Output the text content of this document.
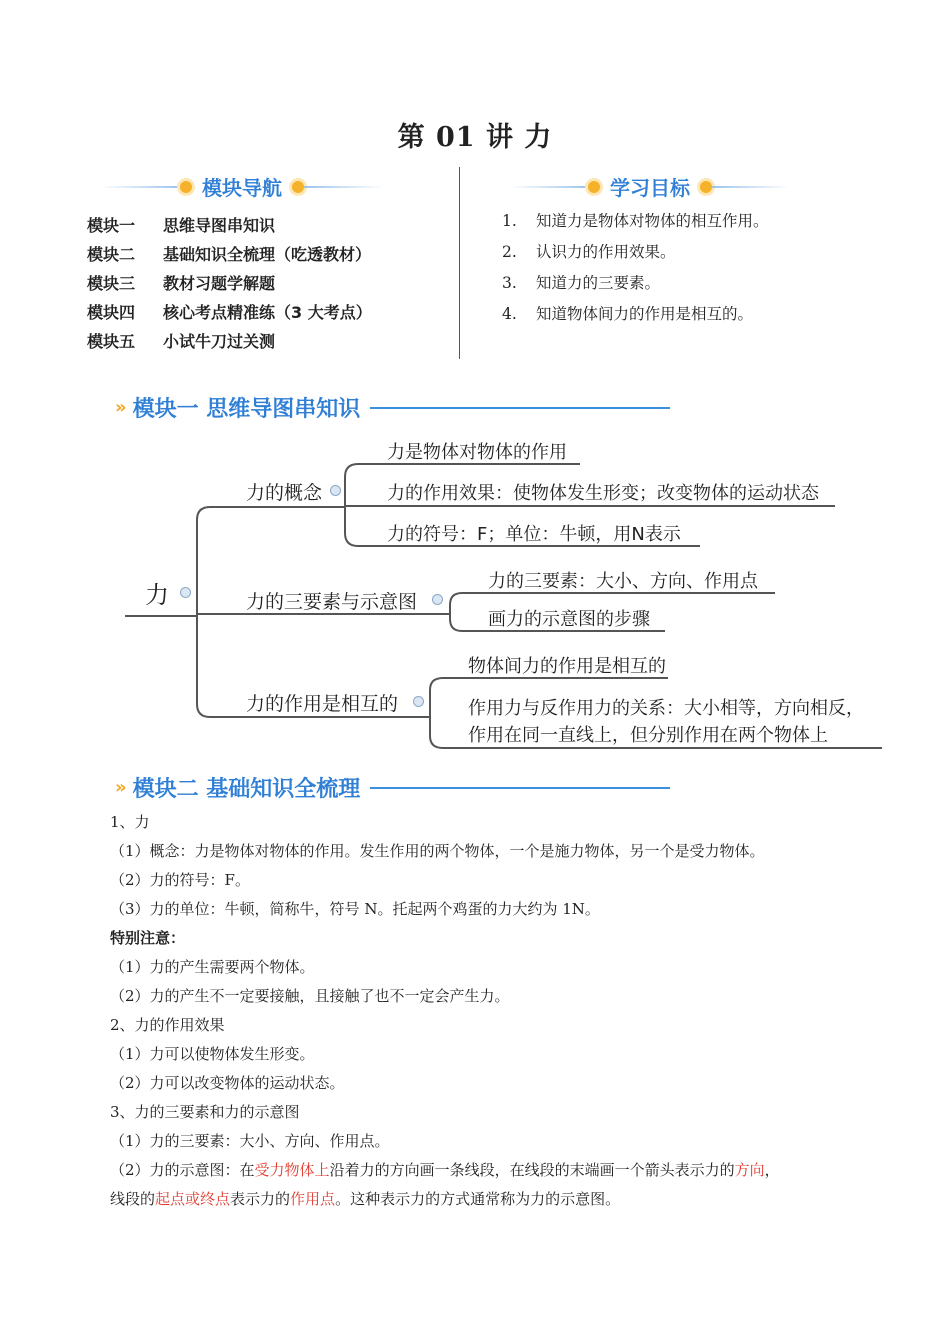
第 01 讲 力
模块导航
模块一 思维导图串知识
模块二 基础知识全梳理（吃透教材）
模块三 教材习题学解题
模块四 核心考点精准练（3 大考点）
模块五 小试牛刀过关测
学习目标
1. 知道力是物体对物体的相互作用。
2. 认识力的作用效果。
3. 知道力的三要素。
4. 知道物体间力的作用是相互的。
» 模块一 思维导图串知识
力
力的概念
力是物体对物体的作用
力的作用效果：使物体发生形变；改变物体的运动状态
力的符号：F；单位：牛顿，用N表示
力的三要素与示意图
力的三要素：大小、方向、作用点
画力的示意图的步骤
力的作用是相互的
物体间力的作用是相互的
作用力与反作用力的关系：大小相等，方向相反，
作用在同一直线上，但分别作用在两个物体上
» 模块二 基础知识全梳理
1、力
（1）概念：力是物体对物体的作用。发生作用的两个物体，一个是施力物体，另一个是受力物体。
（2）力的符号：F。
（3）力的单位：牛顿，简称牛，符号 N。托起两个鸡蛋的力大约为 1N。
特别注意：
（1）力的产生需要两个物体。
（2）力的产生不一定要接触，且接触了也不一定会产生力。
2、力的作用效果
（1）力可以使物体发生形变。
（2）力可以改变物体的运动状态。
3、力的三要素和力的示意图
（1）力的三要素：大小、方向、作用点。
（2）力的示意图：在受力物体上沿着力的方向画一条线段，在线段的末端画一个箭头表示力的方向，
线段的起点或终点表示力的作用点。这种表示力的方式通常称为力的示意图。
